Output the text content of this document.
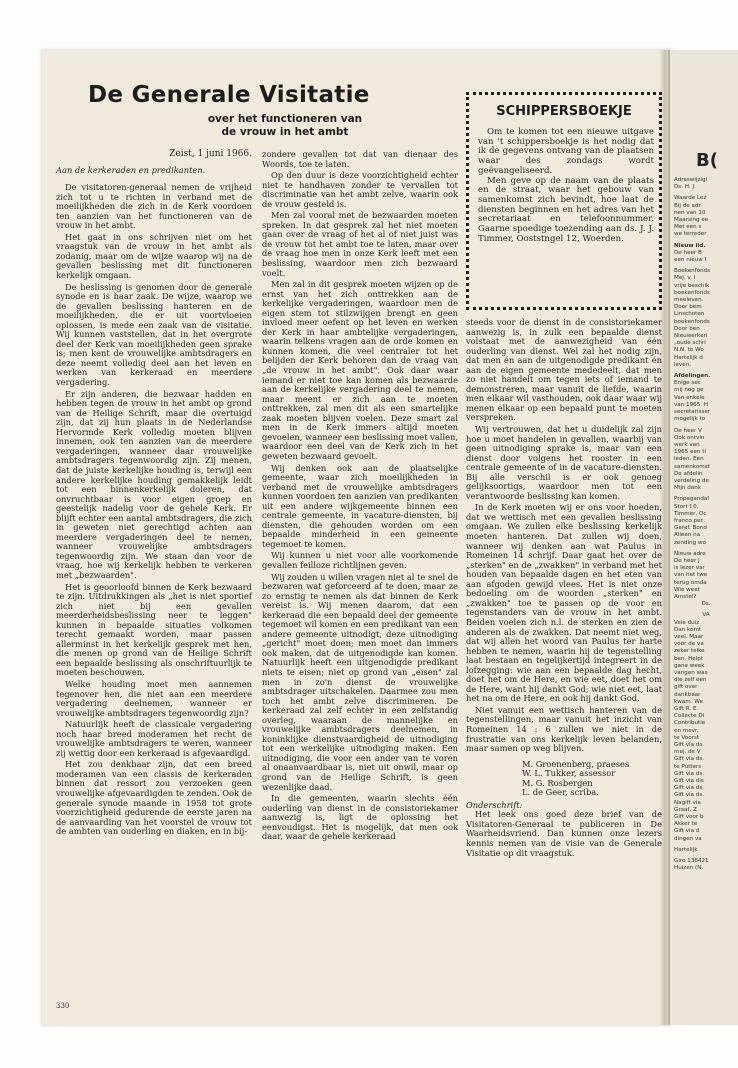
De Generale Visitatie
over het functioneren van
de vrouw in het ambt

Zeist, 1 juni 1966.

Aan de kerkeraden en predikanten.

De visitatoren-generaal nemen de vrijheid zich tot u te richten in verband met de moeilijkheden die zich in de Kerk voordoen ten aanzien van het functioneren van de vrouw in het ambt.

Het gaat in ons schrijven niet om het vraagstuk van de vrouw in het ambt als zodanig, maar om de wijze waarop wij na de gevallen beslissing met dit functioneren kerkelijk omgaan.

De beslissing is genomen door de generale synode en is haar zaak. De wijze, waarop we de gevallen beslissing hanteren en de moeilijkheden, die er uit voortvloeien oplossen, is mede een zaak van de visitatie. Wij kunnen vaststellen, dat in het overgrote deel der Kerk van moeilijkheden geen sprake is; men kent de vrouwelijke ambtsdragers en deze neemt volledig deel aan het leven en werken van kerkeraad en meerdere vergadering.

Er zijn anderen, die bezwaar hadden en hebben tegen de vrouw in het ambt op grond van de Heilige Schrift, maar die overtuigd zijn, dat zij hun plaats in de Nederlandse Hervormde Kerk volledig moeten blijven innemen, ook ten aanzien van de meerdere vergaderingen, wanneer daar vrouwelijke ambtsdragers tegenwoordig zijn. Zij menen, dat de juiste kerkelijke houding is, terwijl een andere kerkelijke houding gemakkelijk leidt tot een binnenkerkelijk doleren, dat onvruchtbaar is voor eigen groep en geestelijk nadelig voor de gehele Kerk. Er blijft echter een aantal ambtsdragers, die zich in geweten niet gerechtigd achten aan meerdere vergaderingen deel te nemen, wanneer vrouwelijke ambtsdragers tegenwoordig zijn. We staan dan voor de vraag, hoe wij kerkelijk hebben te verkeren met „bezwaarden".

Het is geoorloofd binnen de Kerk bezwaard te zijn. Uitdrukkingen als „het is niet sportief zich niet bij een gevallen meerderheidsbeslissing neer te leggen" kunnen in bepaalde situaties volkomen terecht gemaakt worden, maar passen allerminst in het kerkelijk gesprek met hen, die menen op grond van de Heilige Schrift een bepaalde beslissing als onschriftuurlijk te moeten beschouwen.

Welke houding moet men aannemen tegenover hen, die niet aan een meerdere vergadering deelnemen, wanneer er vrouwelijke ambtsdragers tegenwoordig zijn?

Natuurlijk heeft de classicale vergadering noch haar breed moderamen het recht de vrouwelijke ambtsdragers te weren, wanneer zij wettig door een kerkeraad is afgevaardigd.

Het zou denkbaar zijn, dat een breed moderamen van een classis de kerkeraden binnen dat ressort zou verzoeken geen vrouwelijke afgevaardigden te zenden. Ook de generale synode maande in 1958 tot grote voorzichtigheid gedurende de eerste jaren na de aanvaarding van het voorstel de vrouw tot de ambten van ouderling en diaken, en in bij-

zondere gevallen tot dat van dienaar des Woords, toe te laten.

Op den duur is deze voorzichtigheid echter niet te handhaven zonder te vervallen tot discriminatie van het ambt zelve, waarin ook de vrouw gesteld is.

Men zal vooral met de bezwaarden moeten spreken. In dat gesprek zal het niet moeten gaan over de vraag of het al of niet juist was de vrouw tot het ambt toe te laten, maar over de vraag hoe men in onze Kerk leeft met een beslissing, waardoor men zich bezwaard voelt.

Men zal in dit gesprek moeten wijzen op de ernst van het zich onttrekken aan de kerkelijke vergaderingen, waardoor men de eigen stem tot stilzwijgen brengt en geen invloed meer oefent op het leven en werken der Kerk in haar ambtelijke vergaderingen, waarin telkens vragen aan de orde komen en kunnen komen, die veel centraler tot het belijden der Kerk behoren dan de vraag van „de vrouw in het ambt". Ook daar waar iemand er niet toe kan komen als bezwaarde aan de kerkelijke vergadering deel te nemen, maar meent er zich aan te moeten onttrekken, zal men dit als een smartelijke zaak moeten blijven voelen. Deze smart zal men in de Kerk immers altijd moeten gevoelen, wanneer een beslissing moet vallen, waardoor een deel van de Kerk zich in het geweten bezwaard gevoelt.

Wij denken ook aan de plaatselijke gemeente, waar zich moeilijkheden in verband met de vrouwelijke ambtsdragers kunnen voordoen ten aanzien van predikanten uit een andere wijkgemeente binnen een centrale gemeente, in vacature-diensten, bij diensten, die gehouden worden om een bepaalde minderheid in een gemeente tegemoet te komen.

Wij kunnen u niet voor alle voorkomende gevallen feilloze richtlijnen geven.

Wij zouden u willen vragen niet al te snel de bezwaren wat geforceerd af te doen, maar ze zo ernstig te nemen als dat binnen de Kerk vereist is. Wij menen daarom, dat een kerkeraad die een bepaald deel der gemeente tegemoet wil komen en een predikant van een andere gemeente uitnodigt, deze uitnodiging „gericht" moet doen; men moet dan immers ook maken, dat de uitgenodigde kan komen. Natuurlijk heeft een uitgenodigde predikant niets te eisen; niet op grond van „eisen" zal men in zo'n dienst de vrouwelijke ambtsdrager uitschakelen. Daarmee zou men toch het ambt zelve discrimineren. De kerkeraad zal zelf echter in een zelfstandig overleg, waaraan de mannelijke en vrouwelijke ambtsdragers deelnemen, in koninklijke dienstvaardigheid de uitnodiging tot een werkelijke uitnodiging maken. Een uitnodiging, die voor een ander van te voren al onaanvaardbaar is, niet uit onwil, maar op grond van de Heilige Schrift, is geen wezenlijke daad.

In die gemeenten, waarin slechts één ouderling van dienst in de consistoriekamer aanwezig is, ligt de oplossing het eenvoudigst. Het is mogelijk, dat men ook daar, waar de gehele kerkeraad

SCHIPPERSBOEKJE

Om te komen tot een nieuwe uitgave van 't schippersboekje is het nodig dat ik de gegevens ontvang van de plaatsen waar des zondags wordt geëvangeliseerd.

Men geve op de naam van de plaats en de straat, waar het gebouw van samenkomst zich bevindt, hoe laat de diensten beginnen en het adres van het secretariaat en telefoonnummer. Gaarne spoedige toezending aan ds. J. J. Timmer, Ooststngel 12, Woerden.

steeds voor de dienst in de consistoriekamer aanwezig is, in zulk een bepaalde dienst volstaat met de aanwezigheid van één ouderling van dienst. Wel zal het nodig zijn, dat men én aan de uitgenodigde predikant én aan de eigen gemeente mededeelt, dat men zo niet handelt om tegen iets of iemand te demonstreren, maar vanuit de liefde, waarin men elkaar wil vasthouden, ook daar waar wij menen elkaar op een bepaald punt te moeten verspreken.

Wij vertrouwen, dat het u duidelijk zal zijn hoe u moet handelen in gevallen, waarbij van geen uitnodiging sprake is, maar van een dienst door volgens het rooster in een centrale gemeente of in de vacature-diensten. Bij alle verschil is er ook genoeg gelijksoortigs, waardoor men tot een verantwoorde beslissing kan komen.

In de Kerk moeten wij er ons voor hoeden, dat we wettisch met een gevallen beslissing omgaan. We zullen elke beslissing kerkelijk moeten hanteren. Dat zullen wij doen, wanneer wij denken aan wat Paulus in Romeinen 14 schrijf. Daar gaat het over de „sterken" en de „zwakken" in verband met het houden van bepaalde dagen en het eten van aan afgoden gewijd vlees. Het is niet onze bedoeling om de woorden „sterken" en „zwakken" toe te passen op de voor en tegenstanders van de vrouw in het ambt. Beiden voelen zich n.l. de sterken en zien de anderen als de zwakken. Dat neemt niet weg, dat wij allen het woord van Paulus ter harte hebben te nemen, waarin hij de tegenstelling laat bestaan en tegelijkertijd integreert in de lofzegging: wie aan een bepaalde dag hecht, doet het om de Here, en wie eet, doet het om de Here, want hij dankt God; wie niet eet, laat het na om de Here, en ook hij dankt God.

Niet vanuit een wettisch hanteren van de tegenstellingen, maar vanuit het inzicht van Romeinen 14 : 6 zullen we niet in de frustratie van ons kerkelijk leven belanden, maar samen op weg blijven.

M. Groenenberg, praeses

W. L. Tukker, assessor

M. G. Rosbergen

L. de Geer, scriba.

Onderschrift:

Het leek ons goed deze brief van de Visitatoren-Generaal te publiceren in De Waarheidsvriend. Dan kunnen onze lezers kennis nemen van de visie van de Generale Visitatie op dit vraagstuk.

330
B(
Adreswijzigi
Ds. H. J.
Waarde Lez
Bij de adr
nen van 10
Maarsing ee
Met een s
we terreder
Nieuw lid.
De heer B
een nieuw l
Boekenfonds
Mej. v. I
vrije beschik
boekenfonds
meeleven.
Door bem
Linschoten
boekenfonds
Door ben
Nieuwerkerl
„oude schri
N.N. te Wo
Hartelijk d
leven.
Afdelingen.
Enige sec
mij nog ge
Van enkele
van 1965. H
secretarisser
mogelijk to
De heer V
Ook ontvin
werk van
1965 een ti
leden. Een
samenkomst
De afdelin
verdeling de
Mijn dank
Propagandal
Stort f 0,
Timmer, Oc
franco per
Geref. Bond
Alleen na
zending wo
Nieuw adre
De heer J
is lezer var
van het twe
terug omda
Wie weet
Amstel?
Ds.
VA
Vele duiz
Dan komt
veel. Maar
vóór de va
zeker telke
ben. Helpt
gane week
vangen was
die zelf een
gift over
dankbaar
kwam. We
Gift R. E.
Collecte Di
Contributie
en mevr.
te Voorst
Gift via ds.
mej. de V
Gift via ds.
te Putters
Gift via ds.
Gift via dis
Gift via ds.
Gift via ds.
Nagift via
Graaf, Z
Gift voor b
Akker te
Gift via d
dingen va
Hartelijk
Giro 138421
Huizen (N.
